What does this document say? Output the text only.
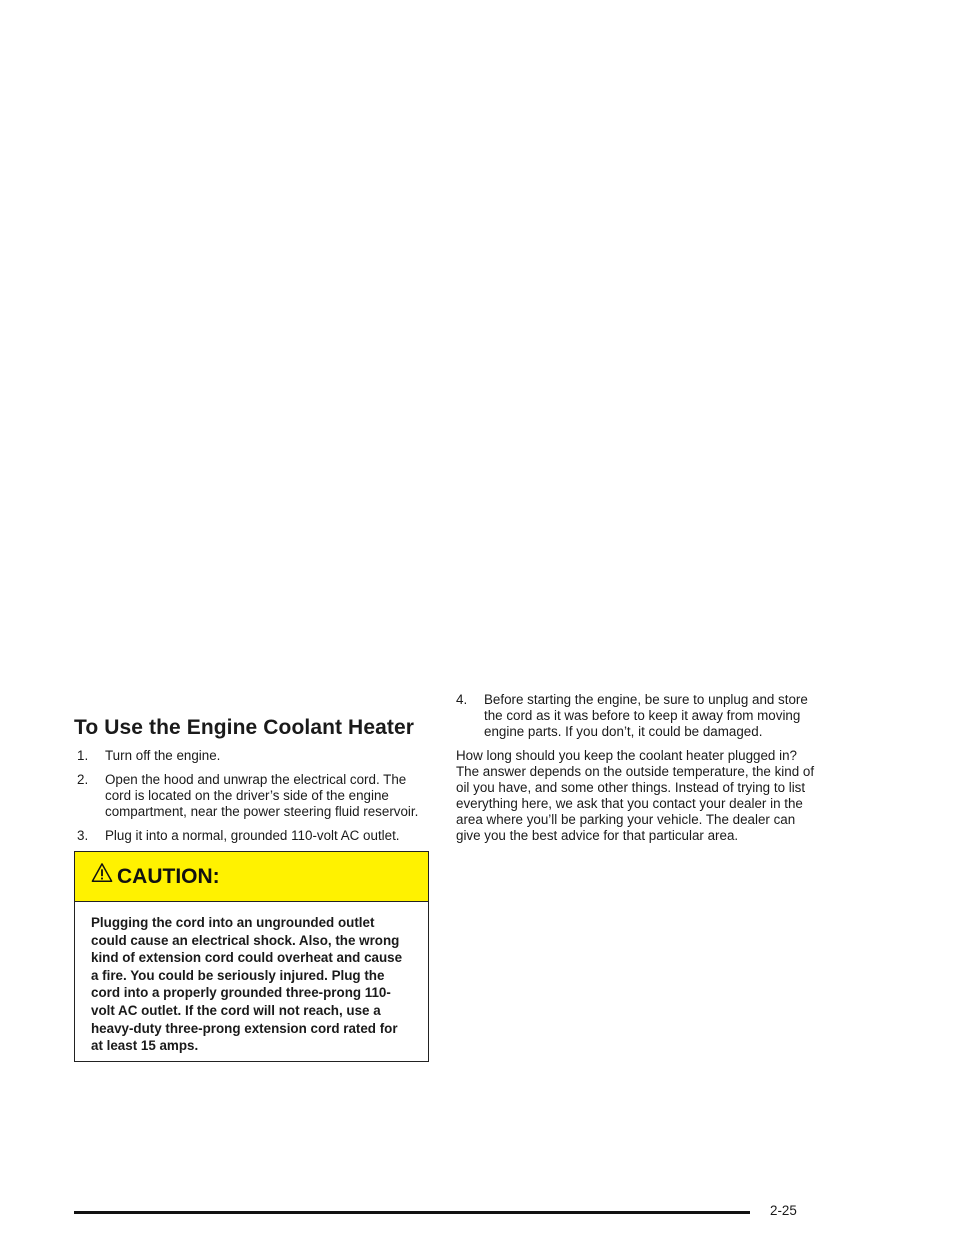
To Use the Engine Coolant Heater
1. Turn off the engine.
2. Open the hood and unwrap the electrical cord. The cord is located on the driver’s side of the engine compartment, near the power steering fluid reservoir.
3. Plug it into a normal, grounded 110-volt AC outlet.
CAUTION:
Plugging the cord into an ungrounded outlet could cause an electrical shock. Also, the wrong kind of extension cord could overheat and cause a fire. You could be seriously injured. Plug the cord into a properly grounded three-prong 110-volt AC outlet. If the cord will not reach, use a heavy-duty three-prong extension cord rated for at least 15 amps.
4. Before starting the engine, be sure to unplug and store the cord as it was before to keep it away from moving engine parts. If you don’t, it could be damaged.

How long should you keep the coolant heater plugged in? The answer depends on the outside temperature, the kind of oil you have, and some other things. Instead of trying to list everything here, we ask that you contact your dealer in the area where you’ll be parking your vehicle. The dealer can give you the best advice for that particular area.

2-25
